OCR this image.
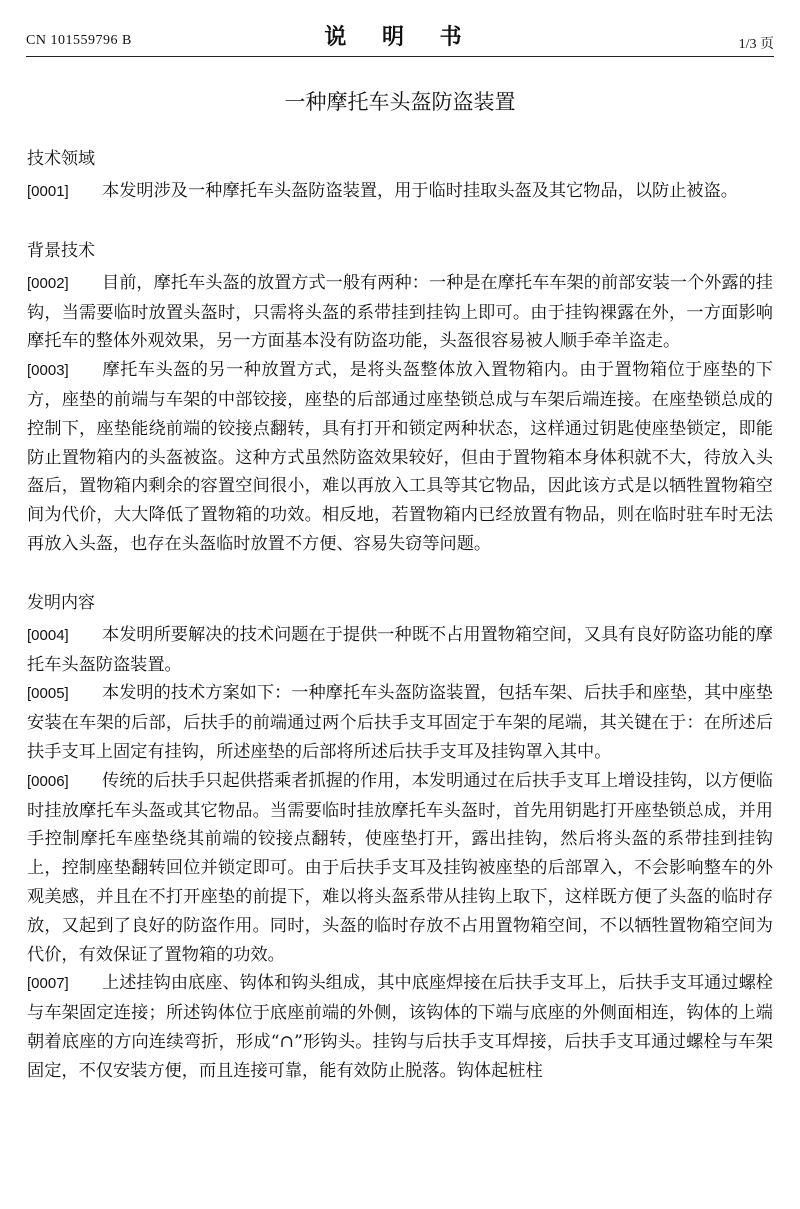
CN 101559796 B	说 明 书	1/3 页
一种摩托车头盔防盗装置
技术领域

[0001] 本发明涉及一种摩托车头盔防盗装置，用于临时挂取头盔及其它物品，以防止被盗。

背景技术

[0002] 目前，摩托车头盔的放置方式一般有两种：一种是在摩托车车架的前部安装一个外露的挂钩，当需要临时放置头盔时，只需将头盔的系带挂到挂钩上即可。由于挂钩裸露在外，一方面影响摩托车的整体外观效果，另一方面基本没有防盗功能，头盔很容易被人顺手牵羊盗走。

[0003] 摩托车头盔的另一种放置方式，是将头盔整体放入置物箱内。由于置物箱位于座垫的下方，座垫的前端与车架的中部铰接，座垫的后部通过座垫锁总成与车架后端连接。在座垫锁总成的控制下，座垫能绕前端的铰接点翻转，具有打开和锁定两种状态，这样通过钥匙使座垫锁定，即能防止置物箱内的头盔被盗。这种方式虽然防盗效果较好，但由于置物箱本身体积就不大，待放入头盔后，置物箱内剩余的容置空间很小，难以再放入工具等其它物品，因此该方式是以牺牲置物箱空间为代价，大大降低了置物箱的功效。相反地，若置物箱内已经放置有物品，则在临时驻车时无法再放入头盔，也存在头盔临时放置不方便、容易失窃等问题。

发明内容

[0004] 本发明所要解决的技术问题在于提供一种既不占用置物箱空间，又具有良好防盗功能的摩托车头盔防盗装置。

[0005] 本发明的技术方案如下：一种摩托车头盔防盗装置，包括车架、后扶手和座垫，其中座垫安装在车架的后部，后扶手的前端通过两个后扶手支耳固定于车架的尾端，其关键在于：在所述后扶手支耳上固定有挂钩，所述座垫的后部将所述后扶手支耳及挂钩罩入其中。

[0006] 传统的后扶手只起供搭乘者抓握的作用，本发明通过在后扶手支耳上增设挂钩，以方便临时挂放摩托车头盔或其它物品。当需要临时挂放摩托车头盔时，首先用钥匙打开座垫锁总成，并用手控制摩托车座垫绕其前端的铰接点翻转，使座垫打开，露出挂钩，然后将头盔的系带挂到挂钩上，控制座垫翻转回位并锁定即可。由于后扶手支耳及挂钩被座垫的后部罩入，不会影响整车的外观美感，并且在不打开座垫的前提下，难以将头盔系带从挂钩上取下，这样既方便了头盔的临时存放，又起到了良好的防盗作用。同时，头盔的临时存放不占用置物箱空间，不以牺牲置物箱空间为代价，有效保证了置物箱的功效。

[0007] 上述挂钩由底座、钩体和钩头组成，其中底座焊接在后扶手支耳上，后扶手支耳通过螺栓与车架固定连接；所述钩体位于底座前端的外侧，该钩体的下端与底座的外侧面相连，钩体的上端朝着底座的方向连续弯折，形成“∩”形钩头。挂钩与后扶手支耳焊接，后扶手支耳通过螺栓与车架固定，不仅安装方便，而且连接可靠，能有效防止脱落。钩体起桩柱
